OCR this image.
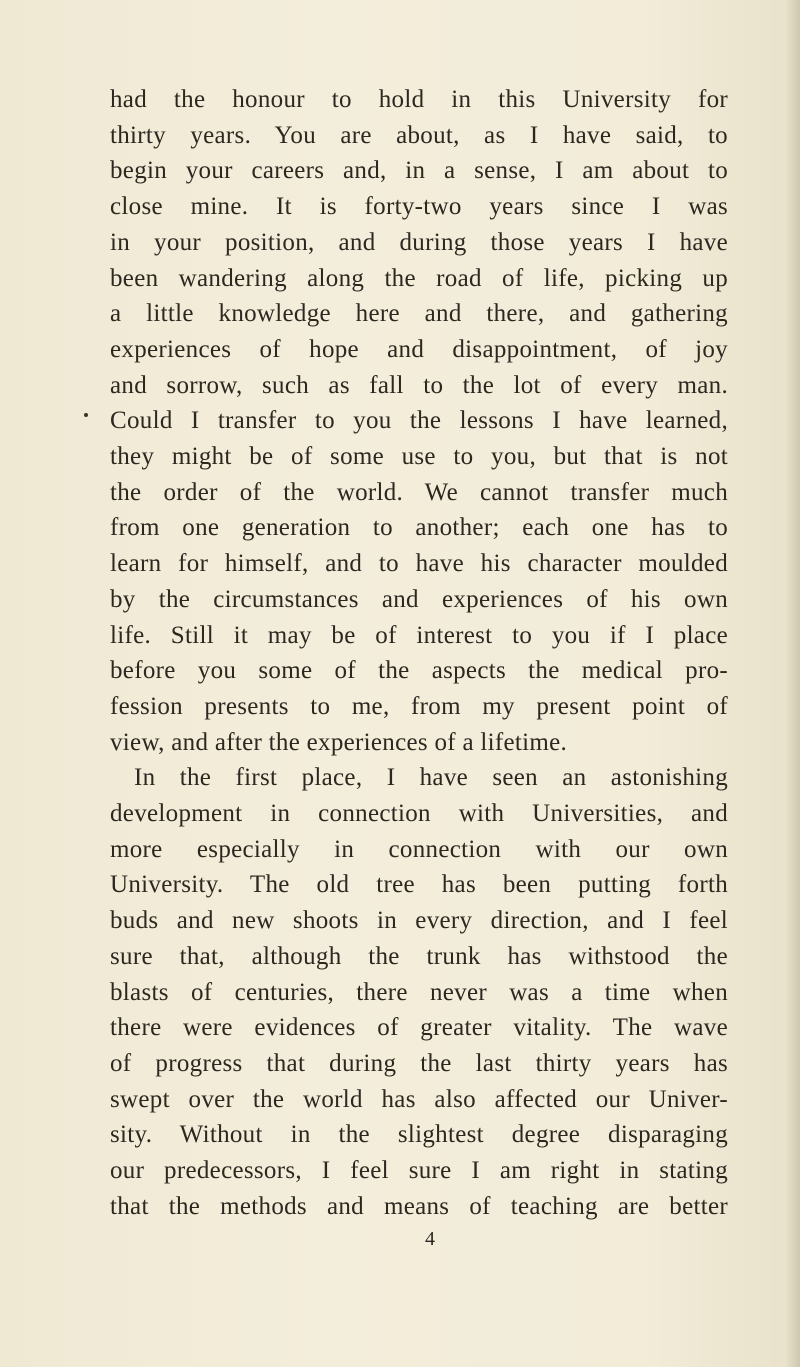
had the honour to hold in this University for
thirty years. You are about, as I have said, to
begin your careers and, in a sense, I am about to
close mine. It is forty-two years since I was
in your position, and during those years I have
been wandering along the road of life, picking up
a little knowledge here and there, and gathering
experiences of hope and disappointment, of joy
and sorrow, such as fall to the lot of every man.
Could I transfer to you the lessons I have learned,
they might be of some use to you, but that is not
the order of the world. We cannot transfer much
from one generation to another; each one has to
learn for himself, and to have his character moulded
by the circumstances and experiences of his own
life. Still it may be of interest to you if I place
before you some of the aspects the medical pro-
fession presents to me, from my present point of
view, and after the experiences of a lifetime.
In the first place, I have seen an astonishing
development in connection with Universities, and
more especially in connection with our own
University. The old tree has been putting forth
buds and new shoots in every direction, and I feel
sure that, although the trunk has withstood the
blasts of centuries, there never was a time when
there were evidences of greater vitality. The wave
of progress that during the last thirty years has
swept over the world has also affected our Univer-
sity. Without in the slightest degree disparaging
our predecessors, I feel sure I am right in stating
that the methods and means of teaching are better
4
